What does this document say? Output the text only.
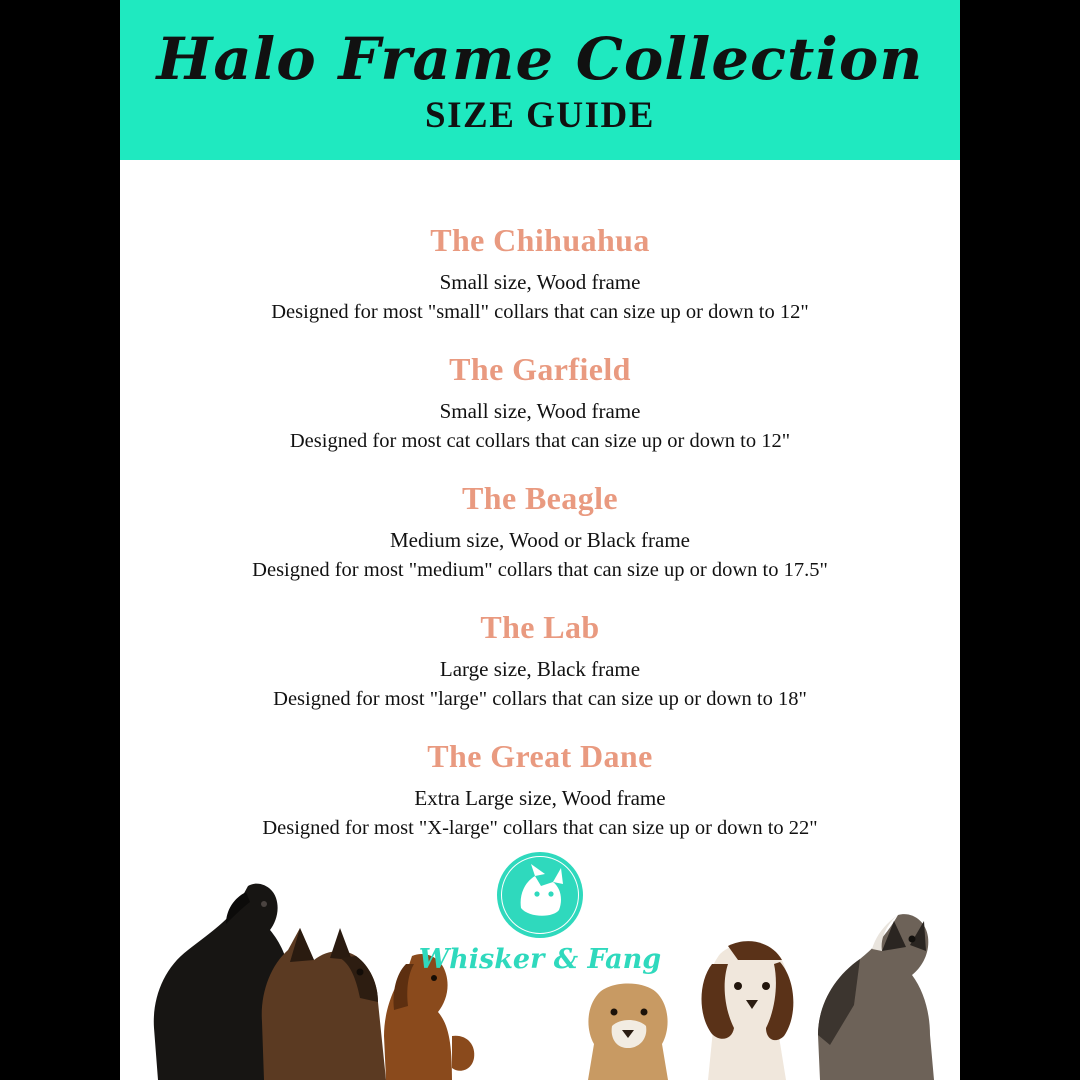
Halo Frame Collection
SIZE GUIDE
The Chihuahua
Small size, Wood frame
Designed for most "small" collars that can size up or down to 12"
The Garfield
Small size, Wood frame
Designed for most cat collars that can size up or down to 12"
The Beagle
Medium size, Wood or Black frame
Designed for most "medium" collars that can size up or down to 17.5"
The Lab
Large size, Black frame
Designed for most "large" collars that can size up or down to 18"
The Great Dane
Extra Large size, Wood frame
Designed for most "X-large" collars that can size up or down to 22"
Whisker & Fang
